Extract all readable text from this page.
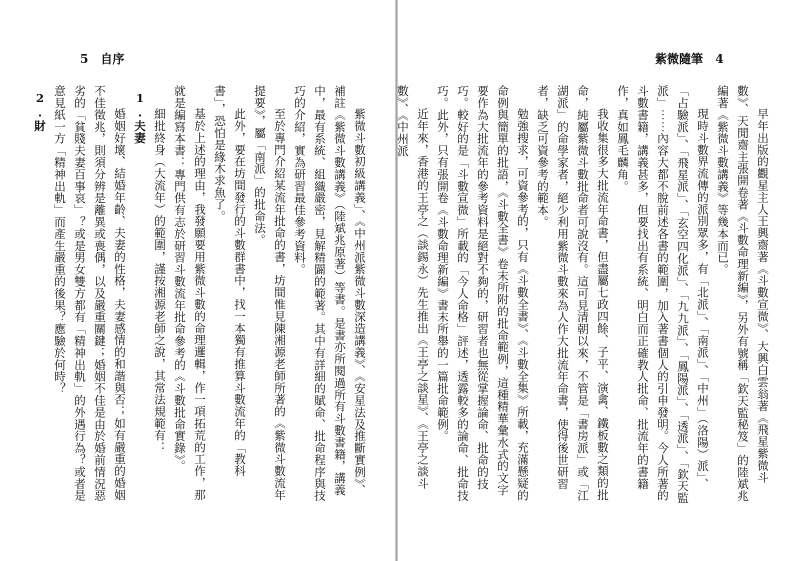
5 自序

紫微斗數初級講義」、《中州派紫微斗數深造講義》、《安星法及推斷實例》、補註《紫微斗數講義》（陸斌兆原著）等書。是書亦所閱過所有斗數書籍，講義中，最有系統、組織嚴密，見解精闢的範著。其中有詳細的賦命、批命程序與技巧的介紹，實為研習最佳參考資料。

至於專門介紹某流年批命的書，坊間惟見陳湘源老師所著的《紫微斗數流年提要》，屬「南派」的批命法。

此外，要在坊間發行的斗數群書中，找一本獨有推算斗數流年的「教科書」，恐怕是緣木求魚了。

基於上述的理由，我發願要用紫微斗數的命理邏輯，作一項拓荒的工作，那就是編寫本書：專門供有志於研習斗數流年批命參考的《斗數批命實錄》。

細批終身（大流年）的範圍，謹按湘源老師之說，其常法規範有：

1.夫妻

婚姻好壞、結婚年齡、夫妻的性格，夫妻感情的和諧與否；如有嚴重的婚姻不佳徵兆，則須分辨是離異或喪偶，以及嚴重關鍵；婚姻不佳是由於婚前情況惡劣的「貧賤夫妻百事哀」？或是男女雙方都有「精神出軌」的外遇行為？或者是意見紙一方「精神出軌」而產生嚴重的後果？應驗於何時？

2.財

紫微隨筆 4

早年出版的觀星主人王興齋著《斗數宣微》、大興白雲翁著《飛星紫微斗數》、天閒齋主張開卷著《斗數命理新編》，另外有號稱「欽天監秘笈」的陸斌兆編著《紫微斗數講義》等幾本而已。

現時斗數界流傳的派別眾多，有「北派」、「南派」、「中州」（洛陽）派」、「占驗派」、「飛星派」、「玄空四化派」、「九九派」、「鳳陽派」、「透派」、「欽天監派」⋯⋯內容大都不脫前述各書的範圍，加入著書個人的引申發明。今人所著的斗數書籍，講義甚多，但要找出有系統、明白而正確教人批命、批流年的書籍作，真如鳳毛麟角。

我收集很多大批流年命書，但盡屬七政四餘、子平、演禽、鐵板數之類的批命，純屬紫微斗數批命者可說沒有。這可見清朝以來，不管是「書房派」或「江湖派」的命學家者，絕少利用紫微斗數來為人作大批流年命書，使得後世研習者，缺乏可資參考的範本。

勉強搜求，可資參考的，只有《斗數全書》、《斗數全集》所載，充滿懸疑的命例與簡單的批語，《斗數全書》卷末所附的批命範例，這種精華彙水式的文字要作為大批流年的參考資料是絕對不夠的，研習者也無從掌握論命、批命的技巧。較好的是「斗數宣微」所載的「今人命格」評述，透露較多的論命、批命技巧。此外，只有張開卷《斗數命理新編》書末所舉的一篇批命範例。

近年來，香港的王亭之（談錫永）先生推出《王亭之談星》、《王亭之談斗數》、《中州派
